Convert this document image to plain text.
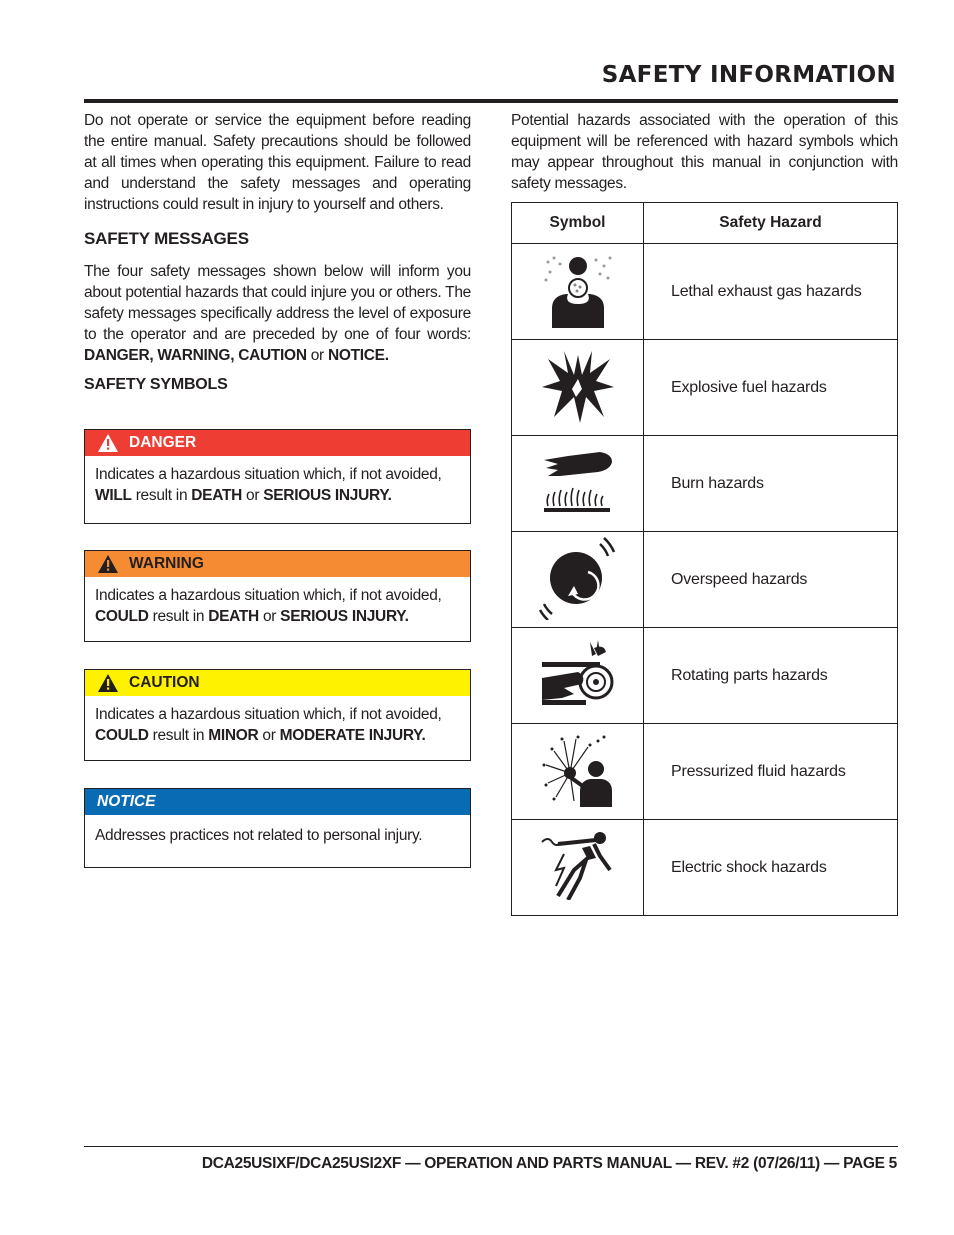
SAFETY INFORMATION

Do not operate or service the equipment before reading the entire manual. Safety precautions should be followed at all times when operating this equipment. Failure to read and understand the safety messages and operating instructions could result in injury to yourself and others.

SAFETY MESSAGES

The four safety messages shown below will inform you about potential hazards that could injure you or others. The safety messages specifically address the level of exposure to the operator and are preceded by one of four words: DANGER, WARNING, CAUTION or NOTICE.

SAFETY SYMBOLS
DANGER
Indicates a hazardous situation which, if not avoided, WILL result in DEATH or SERIOUS INJURY.
WARNING
Indicates a hazardous situation which, if not avoided, COULD result in DEATH or SERIOUS INJURY.
CAUTION
Indicates a hazardous situation which, if not avoided, COULD result in MINOR or MODERATE INJURY.
NOTICE
Addresses practices not related to personal injury.

Potential hazards associated with the operation of this equipment will be referenced with hazard symbols which may appear throughout this manual in conjunction with safety messages.

Symbol	Safety Hazard
	Lethal exhaust gas hazards
	Explosive fuel hazards
	Burn hazards
	Overspeed hazards
	Rotating parts hazards
	Pressurized fluid hazards
	Electric shock hazards
DCA25USIXF/DCA25USI2XF — OPERATION AND PARTS MANUAL — REV. #2 (07/26/11) — PAGE 5
